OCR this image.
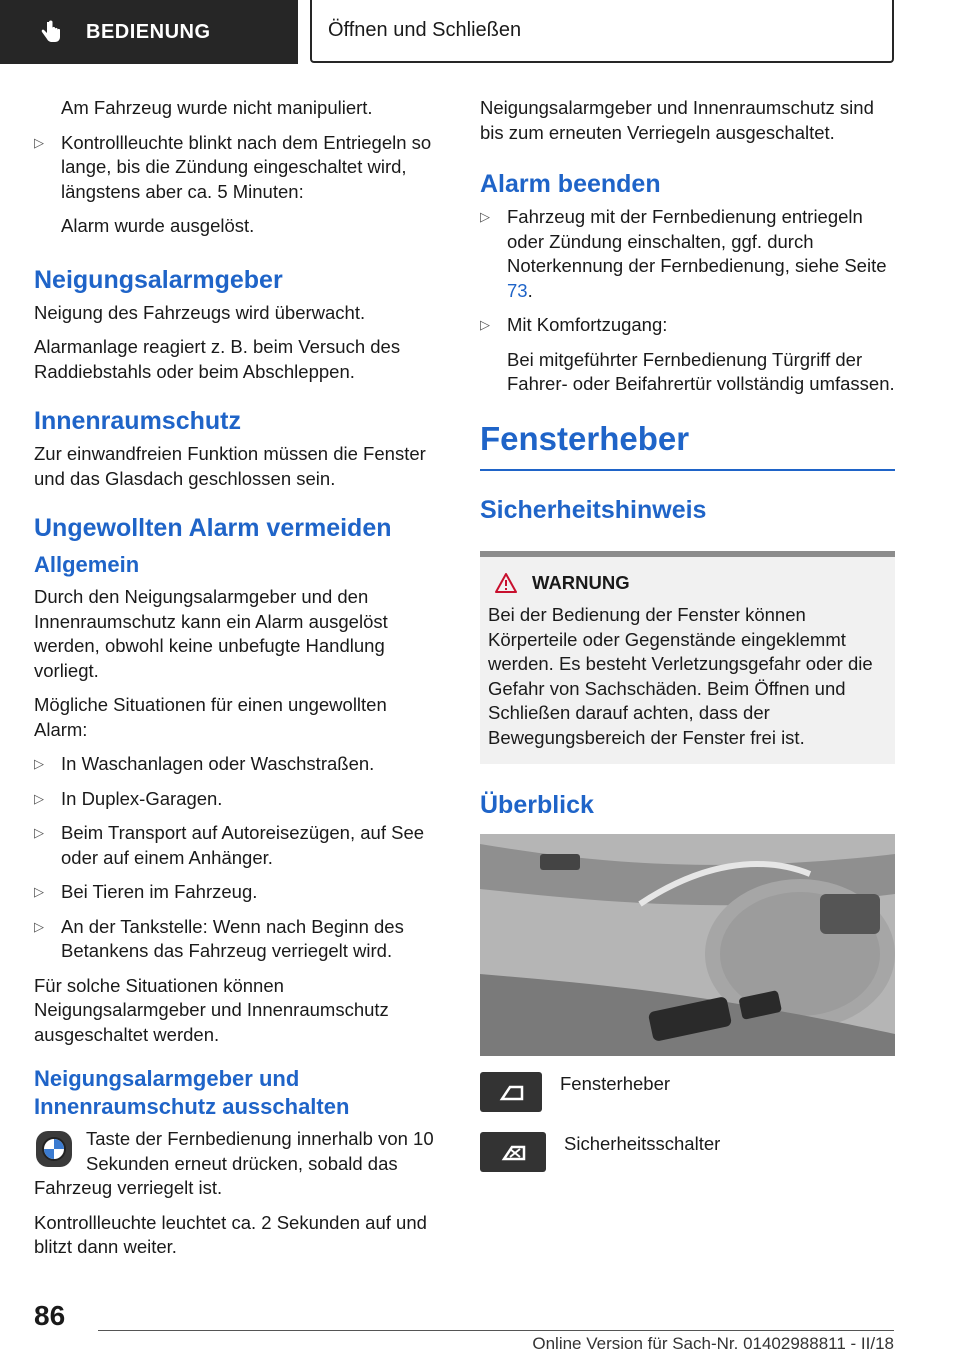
BEDIENUNG	Öffnen und Schließen

Am Fahrzeug wurde nicht manipuliert.

▷ Kontrollleuchte blinkt nach dem Entriegeln so lange, bis die Zündung eingeschaltet wird, längstens aber ca. 5 Minuten:

Alarm wurde ausgelöst.

Neigungsalarmgeber

Neigung des Fahrzeugs wird überwacht.

Alarmanlage reagiert z. B. beim Versuch des Raddiebstahls oder beim Abschleppen.

Innenraumschutz

Zur einwandfreien Funktion müssen die Fenster und das Glasdach geschlossen sein.

Ungewollten Alarm vermeiden
Allgemein

Durch den Neigungsalarmgeber und den Innenraumschutz kann ein Alarm ausgelöst werden, obwohl keine unbefugte Handlung vorliegt.

Mögliche Situationen für einen ungewollten Alarm:

▷ In Waschanlagen oder Waschstraßen.
▷ In Duplex-Garagen.
▷ Beim Transport auf Autoreisezügen, auf See oder auf einem Anhänger.
▷ Bei Tieren im Fahrzeug.
▷ An der Tankstelle: Wenn nach Beginn des Betankens das Fahrzeug verriegelt wird.

Für solche Situationen können Neigungsalarmgeber und Innenraumschutz ausgeschaltet werden.

Neigungsalarmgeber und Innenraumschutz ausschalten
Taste der Fernbedienung innerhalb von 10 Sekunden erneut drücken, sobald das Fahrzeug verriegelt ist.

Kontrollleuchte leuchtet ca. 2 Sekunden auf und blitzt dann weiter.

Neigungsalarmgeber und Innenraumschutz sind bis zum erneuten Verriegeln ausgeschaltet.

Alarm beenden
▷ Fahrzeug mit der Fernbedienung entriegeln oder Zündung einschalten, ggf. durch Noterkennung der Fernbedienung, siehe Seite 73.
▷ Mit Komfortzugang:

Bei mitgeführter Fernbedienung Türgriff der Fahrer- oder Beifahrertür vollständig umfassen.

Fensterheber
Sicherheitshinweis
WARNUNG
Bei der Bedienung der Fenster können Körperteile oder Gegenstände eingeklemmt werden. Es besteht Verletzungsgefahr oder die Gefahr von Sachschäden. Beim Öffnen und Schließen darauf achten, dass der Bewegungsbereich der Fenster frei ist.
Überblick
Fensterheber
Sicherheitsschalter
86
Online Version für Sach-Nr. 01402988811 - II/18
